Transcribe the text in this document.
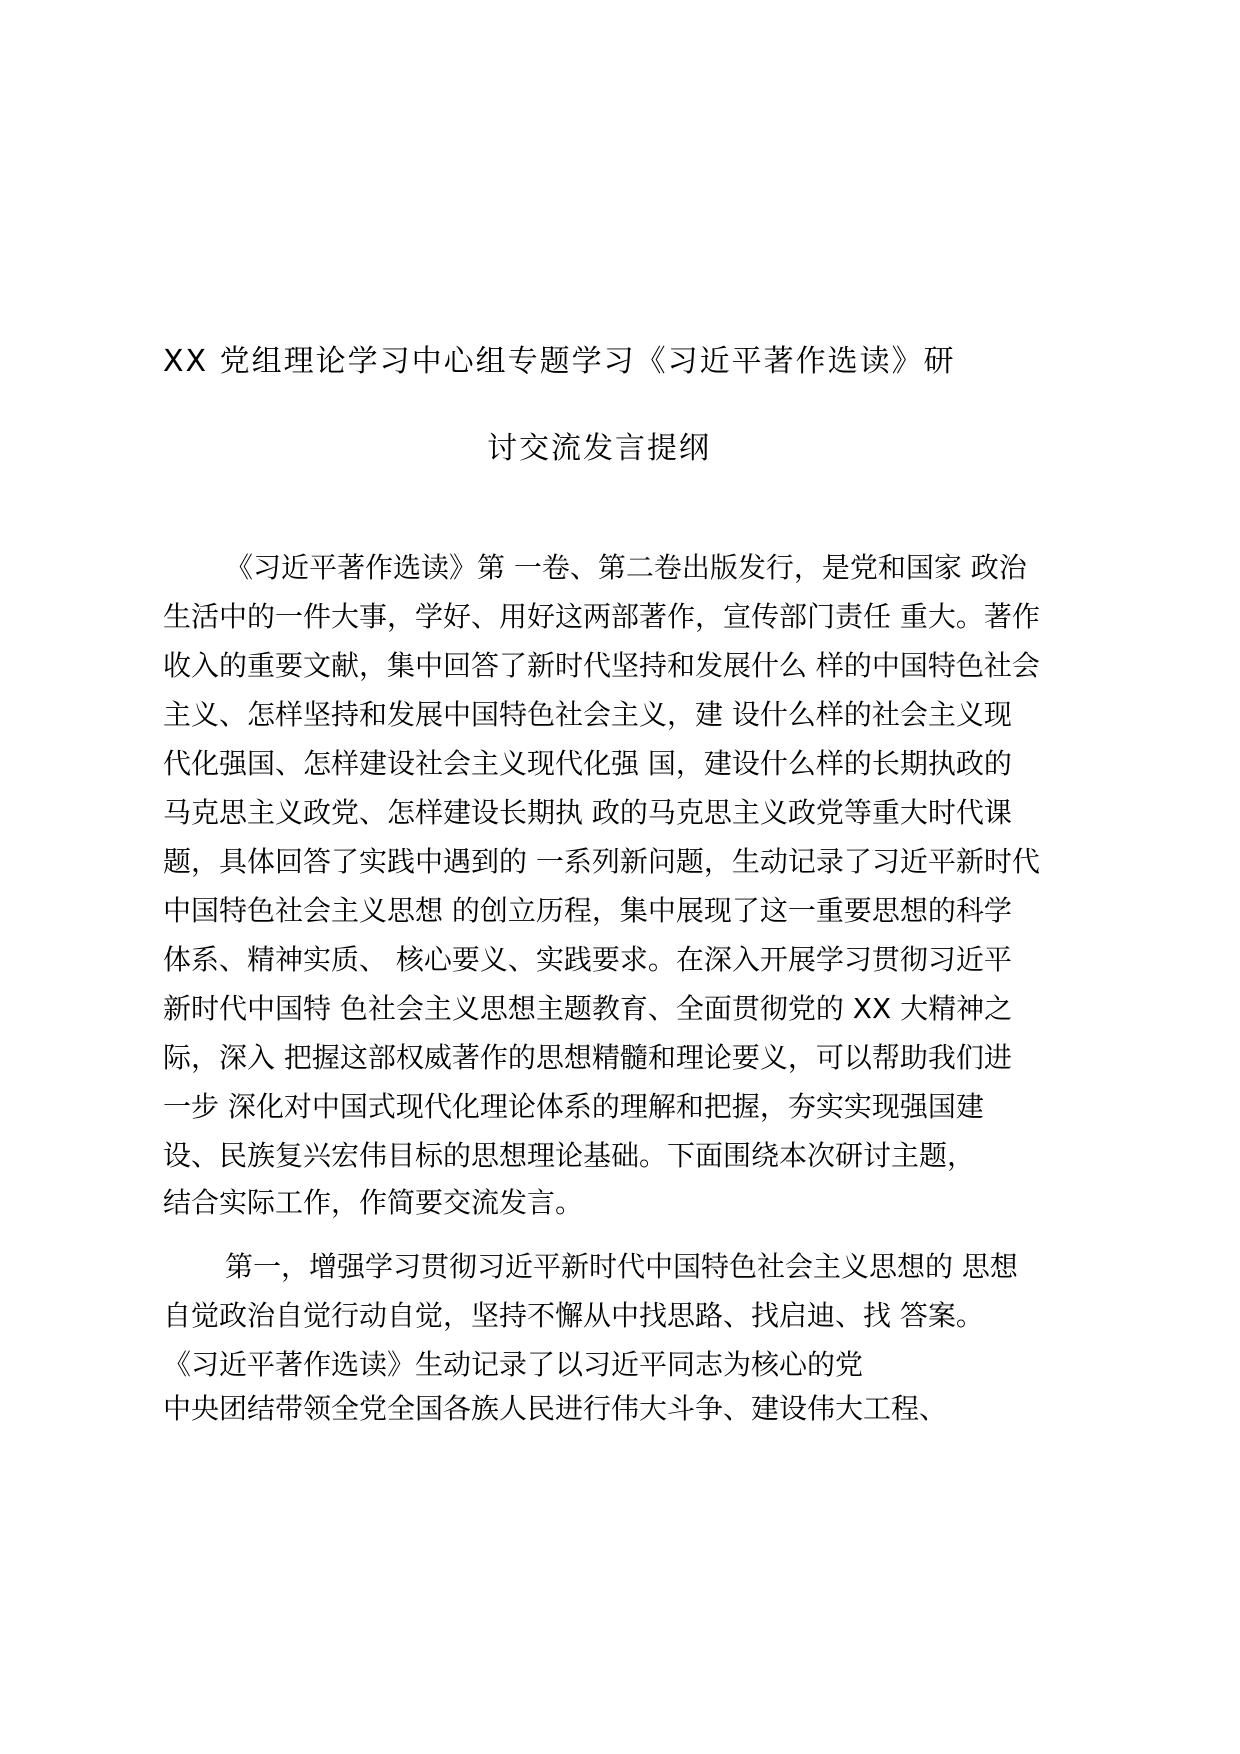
XX 党组理论学习中心组专题学习《习近平著作选读》研
讨交流发言提纲
《习近平著作选读》第 一卷、第二卷出版发行，是党和国家 政治
生活中的一件大事，学好、用好这两部著作，宣传部门责任 重大。著作
收入的重要文献，集中回答了新时代坚持和发展什么 样的中国特色社会
主义、怎样坚持和发展中国特色社会主义，建 设什么样的社会主义现
代化强国、怎样建设社会主义现代化强 国，建设什么样的长期执政的
马克思主义政党、怎样建设长期执 政的马克思主义政党等重大时代课
题，具体回答了实践中遇到的 一系列新问题，生动记录了习近平新时代
中国特色社会主义思想 的创立历程，集中展现了这一重要思想的科学
体系、精神实质、 核心要义、实践要求。在深入开展学习贯彻习近平
新时代中国特 色社会主义思想主题教育、全面贯彻党的 XX 大精神之
际，深入 把握这部权威著作的思想精髓和理论要义，可以帮助我们进
一步 深化对中国式现代化理论体系的理解和把握，夯实实现强国建
设、民族复兴宏伟目标的思想理论基础。下面围绕本次研讨主题，
结合实际工作，作简要交流发言。
第一，增强学习贯彻习近平新时代中国特色社会主义思想的 思想
自觉政治自觉行动自觉，坚持不懈从中找思路、找启迪、找 答案。
《习近平著作选读》生动记录了以习近平同志为核心的党
中央团结带领全党全国各族人民进行伟大斗争、建设伟大工程、
